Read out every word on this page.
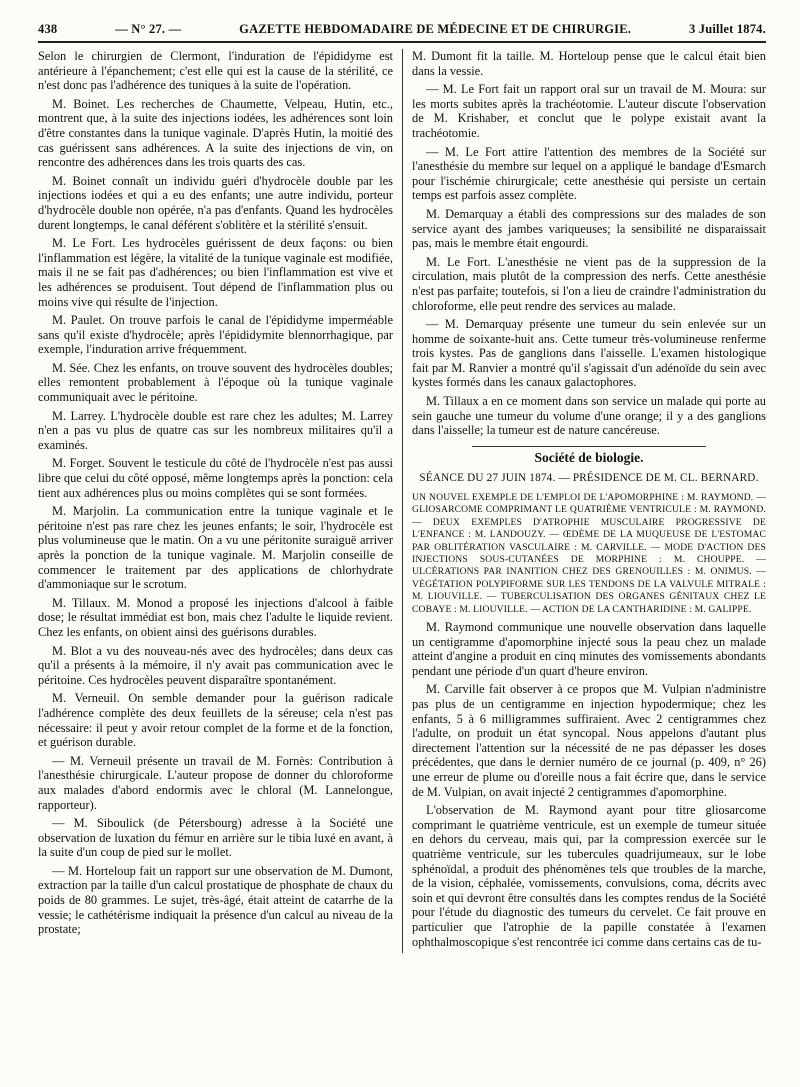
438	— N° 27. —	GAZETTE HEBDOMADAIRE DE MÉDECINE ET DE CHIRURGIE.	3 Juillet 1874.

Selon le chirurgien de Clermont, l'induration de l'épididyme est antérieure à l'épanchement; c'est elle qui est la cause de la stérilité, ce n'est donc pas l'adhérence des tuniques à la suite de l'opération.

M. Boinet. Les recherches de Chaumette, Velpeau, Hutin, etc., montrent que, à la suite des injections iodées, les adhérences sont loin d'être constantes dans la tunique vaginale. D'après Hutin, la moitié des cas guérissent sans adhérences. A la suite des injections de vin, on rencontre des adhérences dans les trois quarts des cas.

M. Boinet connaît un individu guéri d'hydrocèle double par les injections iodées et qui a eu des enfants; une autre individu, porteur d'hydrocèle double non opérée, n'a pas d'enfants. Quand les hydrocèles durent longtemps, le canal déférent s'oblitère et la stérilité s'ensuit.

M. Le Fort. Les hydrocèles guérissent de deux façons: ou bien l'inflammation est légère, la vitalité de la tunique vaginale est modifiée, mais il ne se fait pas d'adhérences; ou bien l'inflammation est vive et les adhérences se produisent. Tout dépend de l'inflammation plus ou moins vive qui résulte de l'injection.

M. Paulet. On trouve parfois le canal de l'épididyme imperméable sans qu'il existe d'hydrocèle; après l'épididymite blennorrhagique, par exemple, l'induration arrive fréquemment.

M. Sée. Chez les enfants, on trouve souvent des hydrocèles doubles; elles remontent probablement à l'époque où la tunique vaginale communiquait avec le péritoine.

M. Larrey. L'hydrocèle double est rare chez les adultes; M. Larrey n'en a pas vu plus de quatre cas sur les nombreux militaires qu'il a examinés.

M. Forget. Souvent le testicule du côté de l'hydrocèle n'est pas aussi libre que celui du côté opposé, même longtemps après la ponction: cela tient aux adhérences plus ou moins complètes qui se sont formées.

M. Marjolin. La communication entre la tunique vaginale et le péritoine n'est pas rare chez les jeunes enfants; le soir, l'hydrocèle est plus volumineuse que le matin. On a vu une péritonite suraiguë arriver après la ponction de la tunique vaginale. M. Marjolin conseille de commencer le traitement par des applications de chlorhydrate d'ammoniaque sur le scrotum.

M. Tillaux. M. Monod a proposé les injections d'alcool à faible dose; le résultat immédiat est bon, mais chez l'adulte le liquide revient. Chez les enfants, on obient ainsi des guérisons durables.

M. Blot a vu des nouveau-nés avec des hydrocèles; dans deux cas qu'il a présents à la mémoire, il n'y avait pas communication avec le péritoine. Ces hydrocèles peuvent disparaître spontanément.

M. Verneuil. On semble demander pour la guérison radicale l'adhérence complète des deux feuillets de la séreuse; cela n'est pas nécessaire: il peut y avoir retour complet de la forme et de la fonction, et guérison durable.

— M. Verneuil présente un travail de M. Fornès: Contribution à l'anesthésie chirurgicale. L'auteur propose de donner du chloroforme aux malades d'abord endormis avec le chloral (M. Lannelongue, rapporteur).

— M. Siboulick (de Pétersbourg) adresse à la Société une observation de luxation du fémur en arrière sur le tibia luxé en avant, à la suite d'un coup de pied sur le mollet.

— M. Horteloup fait un rapport sur une observation de M. Dumont, extraction par la taille d'un calcul prostatique de phosphate de chaux du poids de 80 grammes. Le sujet, très-âgé, était atteint de catarrhe de la vessie; le cathétérisme indiquait la présence d'un calcul au niveau de la prostate;

M. Dumont fit la taille. M. Horteloup pense que le calcul était bien dans la vessie.

— M. Le Fort fait un rapport oral sur un travail de M. Moura: sur les morts subites après la trachéotomie. L'auteur discute l'observation de M. Krishaber, et conclut que le polype existait avant la trachéotomie.

— M. Le Fort attire l'attention des membres de la Société sur l'anesthésie du membre sur lequel on a appliqué le bandage d'Esmarch pour l'ischémie chirurgicale; cette anesthésie qui persiste un certain temps est parfois assez complète.

M. Demarquay a établi des compressions sur des malades de son service ayant des jambes variqueuses; la sensibilité ne disparaissait pas, mais le membre était engourdi.

M. Le Fort. L'anesthésie ne vient pas de la suppression de la circulation, mais plutôt de la compression des nerfs. Cette anesthésie n'est pas parfaite; toutefois, si l'on a lieu de craindre l'administration du chloroforme, elle peut rendre des services au malade.

— M. Demarquay présente une tumeur du sein enlevée sur un homme de soixante-huit ans. Cette tumeur très-volumineuse renferme trois kystes. Pas de ganglions dans l'aisselle. L'examen histologique fait par M. Ranvier a montré qu'il s'agissait d'un adénoïde du sein avec kystes formés dans les canaux galactophores.

M. Tillaux a en ce moment dans son service un malade qui porte au sein gauche une tumeur du volume d'une orange; il y a des ganglions dans l'aisselle; la tumeur est de nature cancéreuse.

Société de biologie.
SÉANCE DU 27 JUIN 1874. — PRÉSIDENCE DE M. CL. BERNARD.

UN NOUVEL EXEMPLE DE L'EMPLOI DE L'APOMORPHINE : M. RAYMOND. — GLIOSARCOME COMPRIMANT LE QUATRIÈME VENTRICULE : M. RAYMOND. — DEUX EXEMPLES D'ATROPHIE MUSCULAIRE PROGRESSIVE DE L'ENFANCE : M. LANDOUZY. — ŒDÈME DE LA MUQUEUSE DE L'ESTOMAC PAR OBLITÉRATION VASCULAIRE : M. CARVILLE. — MODE D'ACTION DES INJECTIONS SOUS-CUTANÉES DE MORPHINE : M. CHOUPPE. — ULCÉRATIONS PAR INANITION CHEZ DES GRENOUILLES : M. ONIMUS. — VÉGÉTATION POLYPIFORME SUR LES TENDONS DE LA VALVULE MITRALE : M. LIOUVILLE. — TUBERCULISATION DES ORGANES GÉNITAUX CHEZ LE COBAYE : M. LIOUVILLE. — ACTION DE LA CANTHARIDINE : M. GALIPPE.

M. Raymond communique une nouvelle observation dans laquelle un centigramme d'apomorphine injecté sous la peau chez un malade atteint d'angine a produit en cinq minutes des vomissements abondants pendant une période d'un quart d'heure environ.

M. Carville fait observer à ce propos que M. Vulpian n'administre pas plus de un centigramme en injection hypodermique; chez les enfants, 5 à 6 milligrammes suffiraient. Avec 2 centigrammes chez l'adulte, on produit un état syncopal. Nous appelons d'autant plus directement l'attention sur la nécessité de ne pas dépasser les doses précédentes, que dans le dernier numéro de ce journal (p. 409, n° 26) une erreur de plume ou d'oreille nous a fait écrire que, dans le service de M. Vulpian, on avait injecté 2 centigrammes d'apomorphine.

L'observation de M. Raymond ayant pour titre gliosarcome comprimant le quatrième ventricule, est un exemple de tumeur située en dehors du cerveau, mais qui, par la compression exercée sur le quatrième ventricule, sur les tubercules quadrijumeaux, sur le lobe sphénoïdal, a produit des phénomènes tels que troubles de la marche, de la vision, céphalée, vomissements, convulsions, coma, décrits avec soin et qui devront être consultés dans les comptes rendus de la Société pour l'étude du diagnostic des tumeurs du cervelet. Ce fait prouve en particulier que l'atrophie de la papille constatée à l'examen ophthalmoscopique s'est rencontrée ici comme dans certains cas de tu-
